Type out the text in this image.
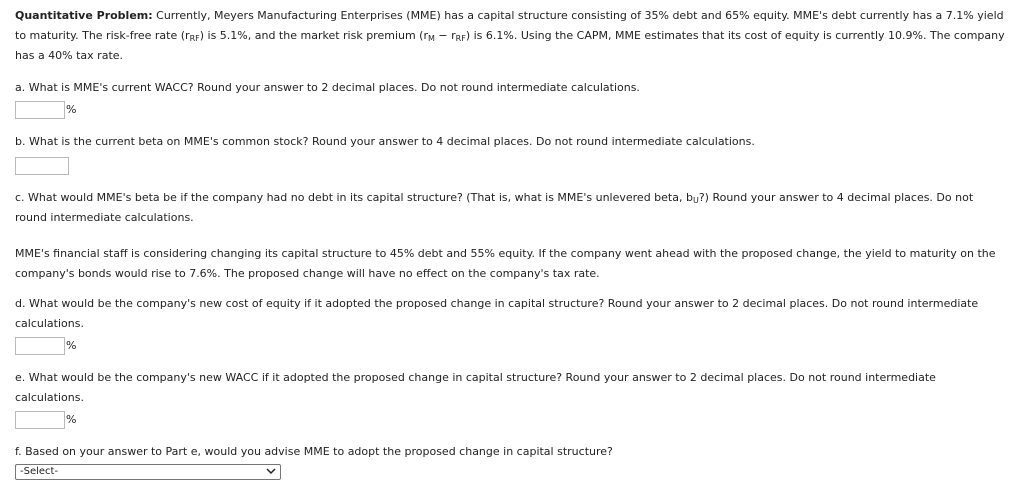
Quantitative Problem: Currently, Meyers Manufacturing Enterprises (MME) has a capital structure consisting of 35% debt and 65% equity. MME's debt currently has a 7.1% yield to maturity. The risk-free rate $(r_{RF})$ is 5.1%, and the market risk premium $(r_M - r_{RF})$ is 6.1%. Using the CAPM, MME estimates that its cost of equity is currently 10.9%. The company has a 40% tax rate.

a. What is MME's current WACC? Round your answer to 2 decimal places. Do not round intermediate calculations.

%

b. What is the current beta on MME's common stock? Round your answer to 4 decimal places. Do not round intermediate calculations.

c. What would MME's beta be if the company had no debt in its capital structure? (That is, what is MME's unlevered beta, $b_U$?) Round your answer to 4 decimal places. Do not round intermediate calculations.

MME's financial staff is considering changing its capital structure to 45% debt and 55% equity. If the company went ahead with the proposed change, the yield to maturity on the company's bonds would rise to 7.6%. The proposed change will have no effect on the company's tax rate.

d. What would be the company's new cost of equity if it adopted the proposed change in capital structure? Round your answer to 2 decimal places. Do not round intermediate calculations.

%

e. What would be the company's new WACC if it adopted the proposed change in capital structure? Round your answer to 2 decimal places. Do not round intermediate calculations.

%

f. Based on your answer to Part e, would you advise MME to adopt the proposed change in capital structure?

-Select-
